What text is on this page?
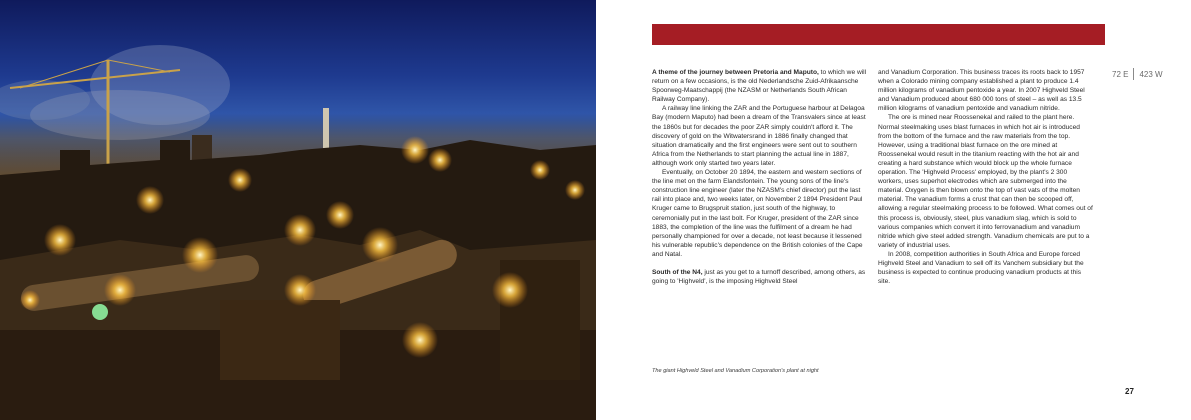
72 E 423 W

A theme of the journey between Pretoria and Maputo, to which we will return on a few occasions, is the old Nederlandsche Zuid-Afrikaansche Spoorweg-Maatschappij (the NZASM or Netherlands South African Railway Company).

A railway line linking the ZAR and the Portuguese harbour at Delagoa Bay (modern Maputo) had been a dream of the Transvalers since at least the 1860s but for decades the poor ZAR simply couldn't afford it. The discovery of gold on the Witwatersrand in 1886 finally changed that situation dramatically and the first engineers were sent out to southern Africa from the Netherlands to start planning the actual line in 1887, although work only started two years later.

Eventually, on October 20 1894, the eastern and western sections of the line met on the farm Elandsfontein. The young sons of the line's construction line engineer (later the NZASM's chief director) put the last rail into place and, two weeks later, on November 2 1894 President Paul Kruger came to Brugspruit station, just south of the highway, to ceremonially put in the last bolt. For Kruger, president of the ZAR since 1883, the completion of the line was the fulfilment of a dream he had personally championed for over a decade, not least because it lessened his vulnerable republic's dependence on the British colonies of the Cape and Natal.

South of the N4, just as you get to a turnoff described, among others, as going to 'Highveld', is the imposing Highveld Steel

and Vanadium Corporation. This business traces its roots back to 1957 when a Colorado mining company established a plant to produce 1.4 million kilograms of vanadium pentoxide a year. In 2007 Highveld Steel and Vanadium produced about 680 000 tons of steel – as well as 13.5 million kilograms of vanadium pentoxide and vanadium nitride.

The ore is mined near Roossenekal and railed to the plant here. Normal steelmaking uses blast furnaces in which hot air is introduced from the bottom of the furnace and the raw materials from the top. However, using a traditional blast furnace on the ore mined at Roossenekal would result in the titanium reacting with the hot air and creating a hard substance which would block up the whole furnace operation. The 'Highveld Process' employed, by the plant's 2 300 workers, uses superhot electrodes which are submerged into the material. Oxygen is then blown onto the top of vast vats of the molten material. The vanadium forms a crust that can then be scooped off, allowing a regular steelmaking process to be followed. What comes out of this process is, obviously, steel, plus vanadium slag, which is sold to various companies which convert it into ferrovanadium and vanadium nitride which give steel added strength. Vanadium chemicals are put to a variety of industrial uses.

In 2008, competition authorities in South Africa and Europe forced Highveld Steel and Vanadium to sell off its Vanchem subsidiary but the business is expected to continue producing vanadium products at this site.

The giant Highveld Steel and Vanadium Corporation's plant at night
27
